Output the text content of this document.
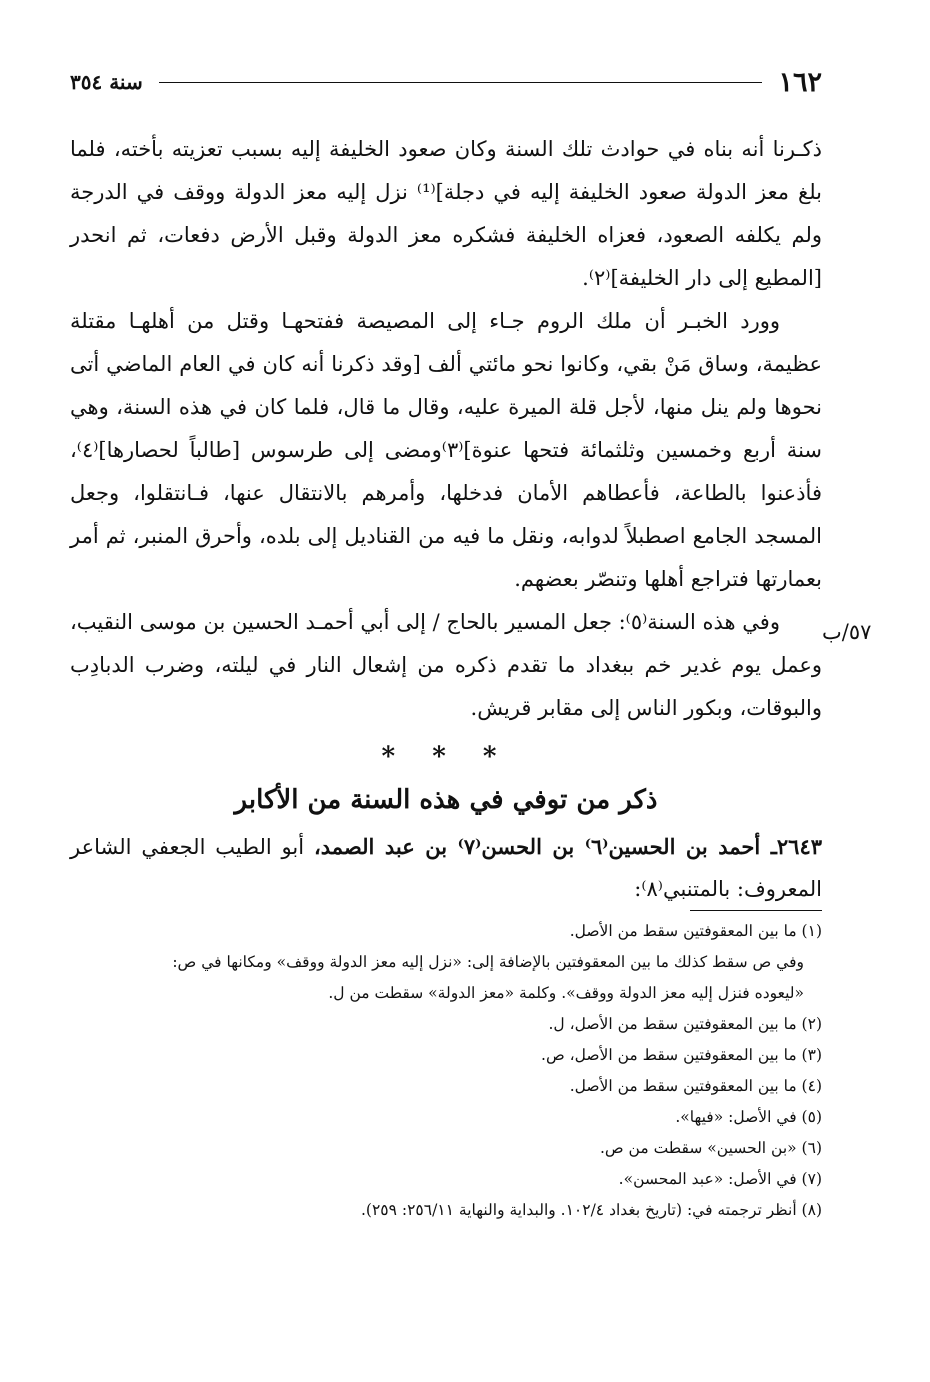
١٦٢
سنة ٣٥٤

ذكـرنا أنه بناه في حوادث تلك السنة وكان صعود الخليفة إليه بسبب تعزيته بأخته، فلما بلغ معز الدولة صعود الخليفة إليه في دجلة]⁽¹⁾ نزل إليه معز الدولة ووقف في الدرجة ولم يكلفه الصعود، فعزاه الخليفة فشكره معز الدولة وقبل الأرض دفعات، ثم انحدر [المطيع إلى دار الخليفة]⁽٢⁾.

وورد الخبـر أن ملك الروم جـاء إلى المصيصة ففتحهـا وقتل من أهلهـا مقتلة عظيمة، وساق مَنْ بقي، وكانوا نحو مائتي ألف [وقد ذكرنا أنه كان في العام الماضي أتى نحوها ولم ينل منها، لأجل قلة الميرة عليه، وقال ما قال، فلما كان في هذه السنة، وهي سنة أربع وخمسين وثلثمائة فتحها عنوة]⁽٣⁾ومضى إلى طرسوس [طالباً لحصارها]⁽٤⁾، فأذعنوا بالطاعة، فأعطاهم الأمان فدخلها، وأمرهم بالانتقال عنها، فـانتقلوا، وجعل المسجد الجامع اصطبلاً لدوابه، ونقل ما فيه من القناديل إلى بلده، وأحرق المنبر، ثم أمر بعمارتها فتراجع أهلها وتنصّر بعضهم.

وفي هذه السنة⁽٥⁾: جعل المسير بالحاج / إلى أبي أحمـد الحسين بن موسى النقيب، وعمل يوم غدير خم ببغداد ما تقدم ذكره من إشعال النار في ليلته، وضرب الدبادِب والبوقات، وبكور الناس إلى مقابر قريش.

٥٧/ب
* * *
ذكر من توفي في هذه السنة من الأكابر
٢٦٤٣ـ أحمد بن الحسين⁽٦⁾ بن الحسن⁽٧⁾ بن عبد الصمد، أبو الطيب الجعفي الشاعر المعروف: بالمتنبي⁽٨⁾:

(١) ما بين المعقوفتين سقط من الأصل.

وفي ص سقط كذلك ما بين المعقوفتين بالإضافة إلى: «نزل إليه معز الدولة ووقف» ومكانها في ص:

«ليعوده فنزل إليه معز الدولة ووقف». وكلمة «معز الدولة» سقطت من ل.

(٢) ما بين المعقوفتين سقط من الأصل، ل.

(٣) ما بين المعقوفتين سقط من الأصل، ص.

(٤) ما بين المعقوفتين سقط من الأصل.

(٥) في الأصل: «فيها».

(٦) «بن الحسين» سقطت من ص.

(٧) في الأصل: «عبد المحسن».

(٨) أنظر ترجمته في: (تاريخ بغداد ١٠٢/٤. والبداية والنهاية ٢٥٦/١١: ٢٥٩).
